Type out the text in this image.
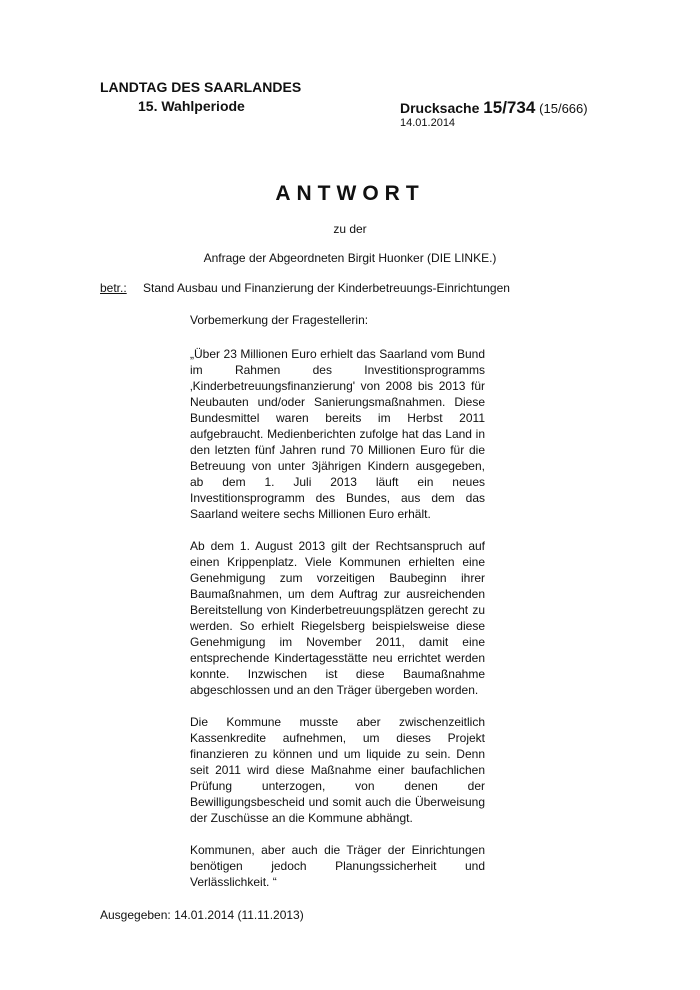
LANDTAG DES SAARLANDES
15. Wahlperiode	Drucksache 15/734 (15/666)
14.01.2014
ANTWORT
zu der
Anfrage der Abgeordneten Birgit Huonker (DIE LINKE.)
betr.: Stand Ausbau und Finanzierung der Kinderbetreuungs-Einrichtungen
Vorbemerkung der Fragestellerin:

„Über 23 Millionen Euro erhielt das Saarland vom Bund im Rahmen des Investitionsprogramms ‚Kinderbetreuungsfinanzierung' von 2008 bis 2013 für Neubauten und/oder Sanierungsmaßnahmen. Diese Bundesmittel waren bereits im Herbst 2011 aufgebraucht. Medienberichten zufolge hat das Land in den letzten fünf Jahren rund 70 Millionen Euro für die Betreuung von unter 3jährigen Kindern ausgegeben, ab dem 1. Juli 2013 läuft ein neues Investitionsprogramm des Bundes, aus dem das Saarland weitere sechs Millionen Euro erhält.

Ab dem 1. August 2013 gilt der Rechtsanspruch auf einen Krippenplatz. Viele Kommunen erhielten eine Genehmigung zum vorzeitigen Baubeginn ihrer Baumaßnahmen, um dem Auftrag zur ausreichenden Bereitstellung von Kinderbetreuungsplätzen gerecht zu werden. So erhielt Riegelsberg beispielsweise diese Genehmigung im November 2011, damit eine entsprechende Kindertagesstätte neu errichtet werden konnte. Inzwischen ist diese Baumaßnahme abgeschlossen und an den Träger übergeben worden.

Die Kommune musste aber zwischenzeitlich Kassenkredite aufnehmen, um dieses Projekt finanzieren zu können und um liquide zu sein. Denn seit 2011 wird diese Maßnahme einer baufachlichen Prüfung unterzogen, von denen der Bewilligungsbescheid und somit auch die Überweisung der Zuschüsse an die Kommune abhängt.

Kommunen, aber auch die Träger der Einrichtungen benötigen jedoch Planungssicherheit und Verlässlichkeit. “

Ausgegeben: 14.01.2014 (11.11.2013)
